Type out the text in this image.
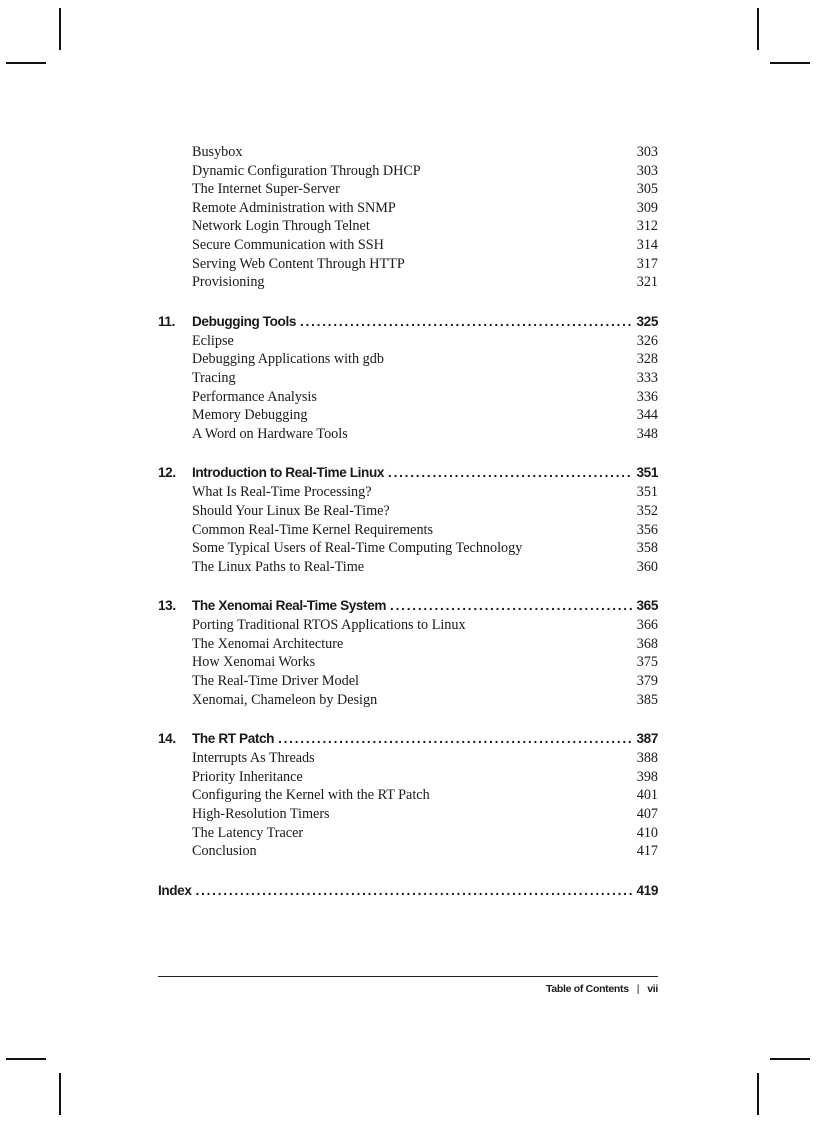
Busybox	303
Dynamic Configuration Through DHCP	303
The Internet Super-Server	305
Remote Administration with SNMP	309
Network Login Through Telnet	312
Secure Communication with SSH	314
Serving Web Content Through HTTP	317
Provisioning	321
11.	Debugging Tools . . .	325
Eclipse	326
Debugging Applications with gdb	328
Tracing	333
Performance Analysis	336
Memory Debugging	344
A Word on Hardware Tools	348
12.	Introduction to Real-Time Linux . . .	351
What Is Real-Time Processing?	351
Should Your Linux Be Real-Time?	352
Common Real-Time Kernel Requirements	356
Some Typical Users of Real-Time Computing Technology	358
The Linux Paths to Real-Time	360
13.	The Xenomai Real-Time System . . .	365
Porting Traditional RTOS Applications to Linux	366
The Xenomai Architecture	368
How Xenomai Works	375
The Real-Time Driver Model	379
Xenomai, Chameleon by Design	385
14.	The RT Patch . . .	387
Interrupts As Threads	388
Priority Inheritance	398
Configuring the Kernel with the RT Patch	401
High-Resolution Timers	407
The Latency Tracer	410
Conclusion	417
Index . . .	419
Table of Contents | vii
